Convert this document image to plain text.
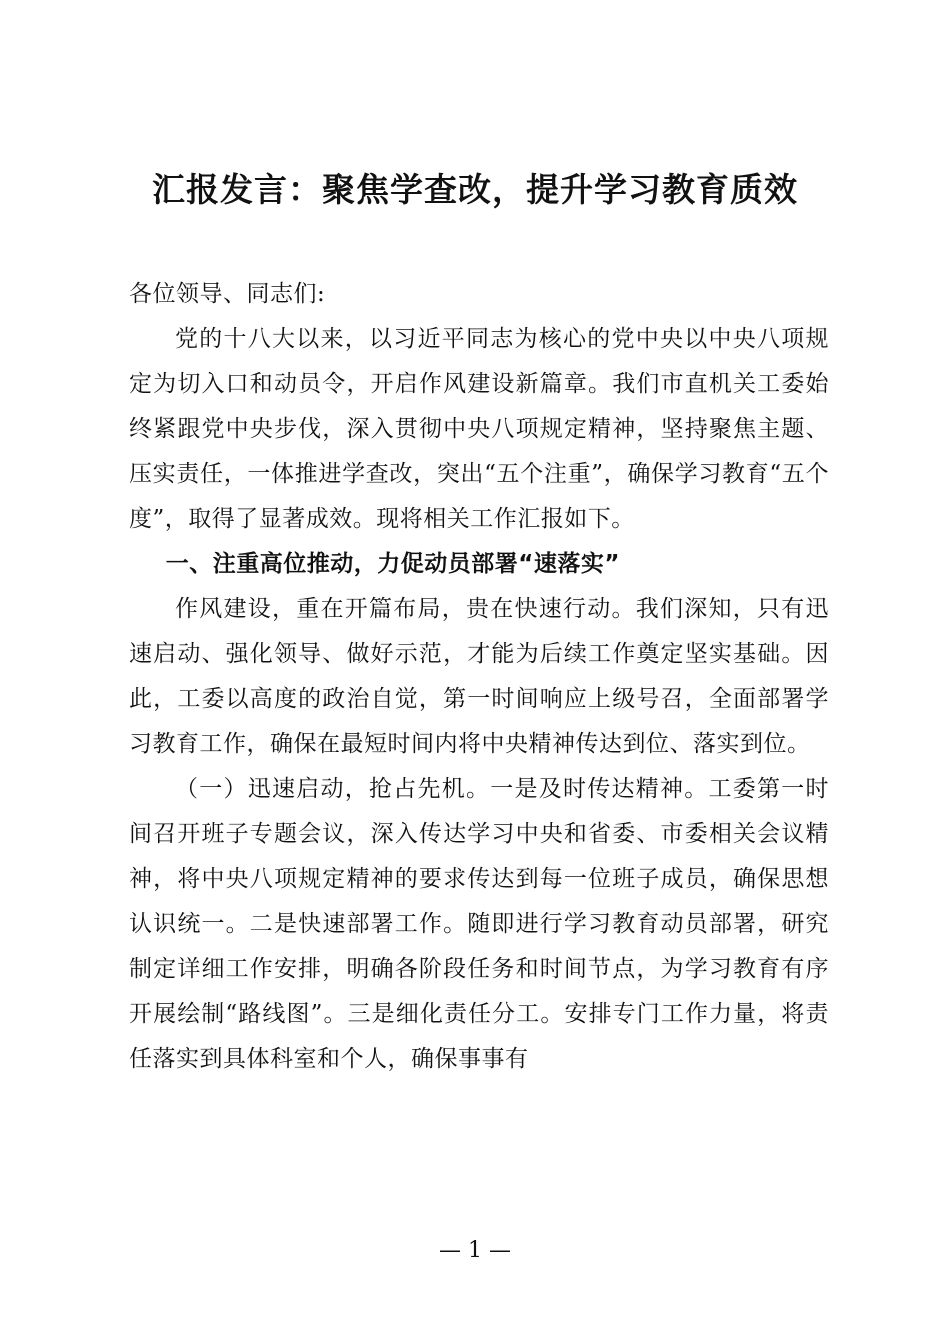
汇报发言：聚焦学查改，提升学习教育质效

各位领导、同志们:

党的十八大以来，以习近平同志为核心的党中央以中央八项规定为切入口和动员令，开启作风建设新篇章。我们市直机关工委始终紧跟党中央步伐，深入贯彻中央八项规定精神，坚持聚焦主题、压实责任，一体推进学查改，突出“五个注重”，确保学习教育“五个度”，取得了显著成效。现将相关工作汇报如下。

一、注重高位推动，力促动员部署“速落实”

作风建设，重在开篇布局，贵在快速行动。我们深知，只有迅速启动、强化领导、做好示范，才能为后续工作奠定坚实基础。因此，工委以高度的政治自觉，第一时间响应上级号召，全面部署学习教育工作，确保在最短时间内将中央精神传达到位、落实到位。

（一）迅速启动，抢占先机。一是及时传达精神。工委第一时间召开班子专题会议，深入传达学习中央和省委、市委相关会议精神，将中央八项规定精神的要求传达到每一位班子成员，确保思想认识统一。二是快速部署工作。随即进行学习教育动员部署，研究制定详细工作安排，明确各阶段任务和时间节点，为学习教育有序开展绘制“路线图”。三是细化责任分工。安排专门工作力量，将责任落实到具体科室和个人，确保事事有

— 1 —
